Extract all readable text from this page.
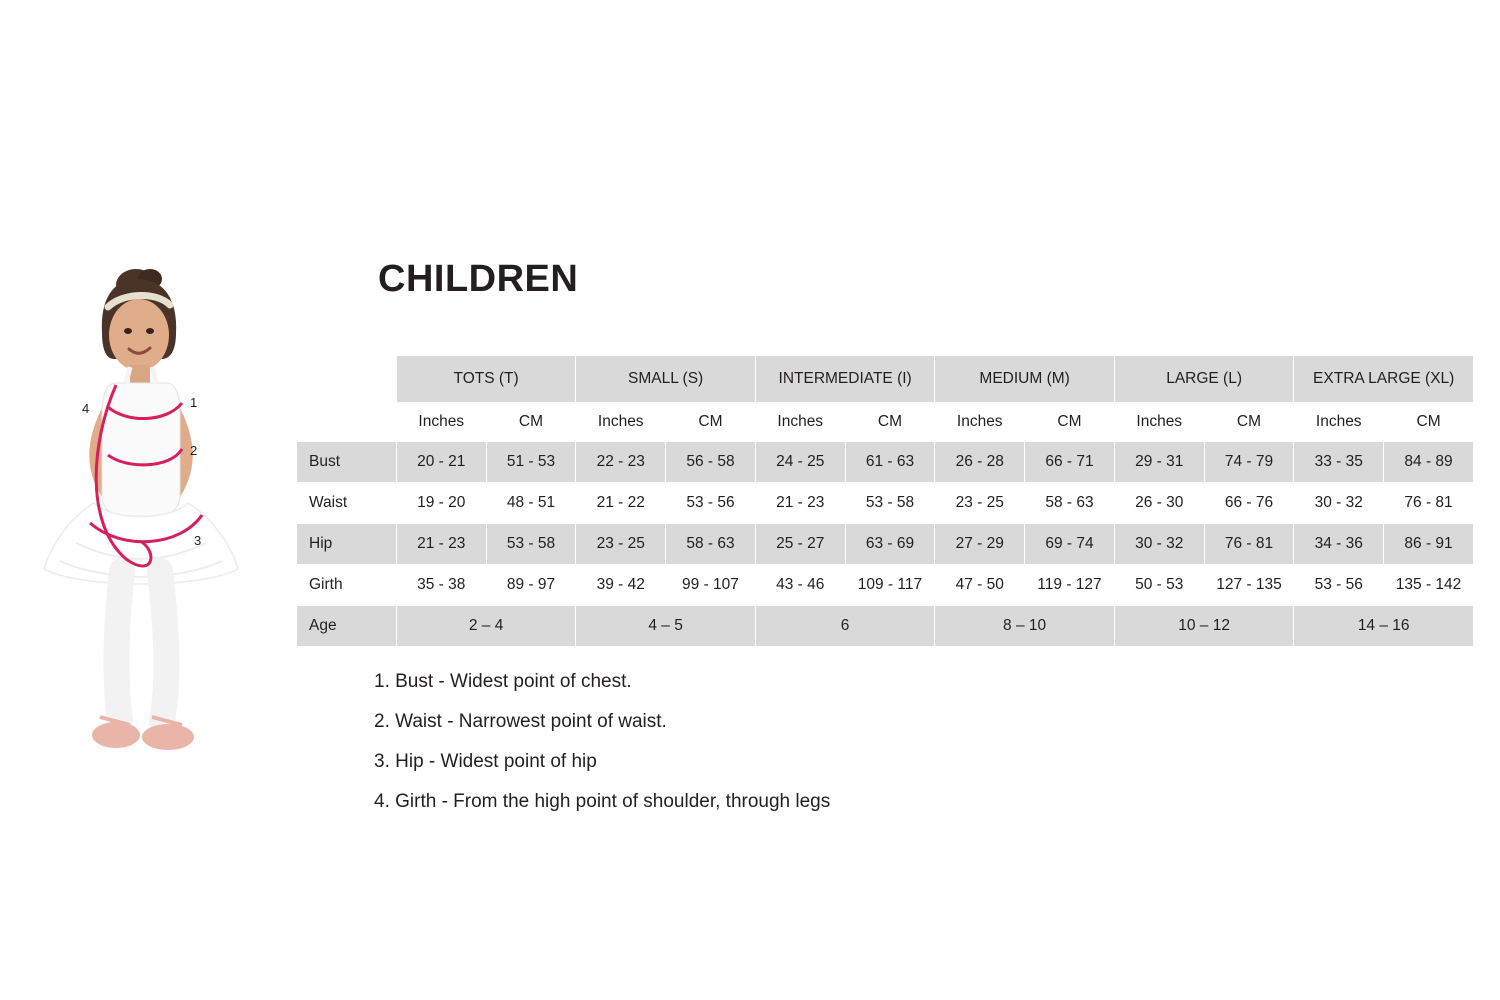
1
2
3
4
CHILDREN
	TOTS (T)		SMALL (S)		INTERMEDIATE (I)		MEDIUM (M)		LARGE (L)		EXTRA LARGE (XL)	
	Inches	CM	Inches	CM	Inches	CM	Inches	CM	Inches	CM	Inches	CM
Bust	20 - 21	51 - 53	22 - 23	56 - 58	24 - 25	61 - 63	26 - 28	66 - 71	29 - 31	74 - 79	33 - 35	84 - 89
Waist	19 - 20	48 - 51	21 - 22	53 - 56	21 - 23	53 - 58	23 - 25	58 - 63	26 - 30	66 - 76	30 - 32	76 - 81
Hip	21 - 23	53 - 58	23 - 25	58 - 63	25 - 27	63 - 69	27 - 29	69 - 74	30 - 32	76 - 81	34 - 36	86 - 91
Girth	35 - 38	89 - 97	39 - 42	99 - 107	43 - 46	109 - 117	47 - 50	119 - 127	50 - 53	127 - 135	53 - 56	135 - 142
Age	2 – 4		4 – 5		6		8 – 10		10 – 12		14 – 16	
1. Bust - Widest point of chest.
2. Waist - Narrowest point of waist.
3. Hip - Widest point of hip
4. Girth - From the high point of shoulder, through legs
